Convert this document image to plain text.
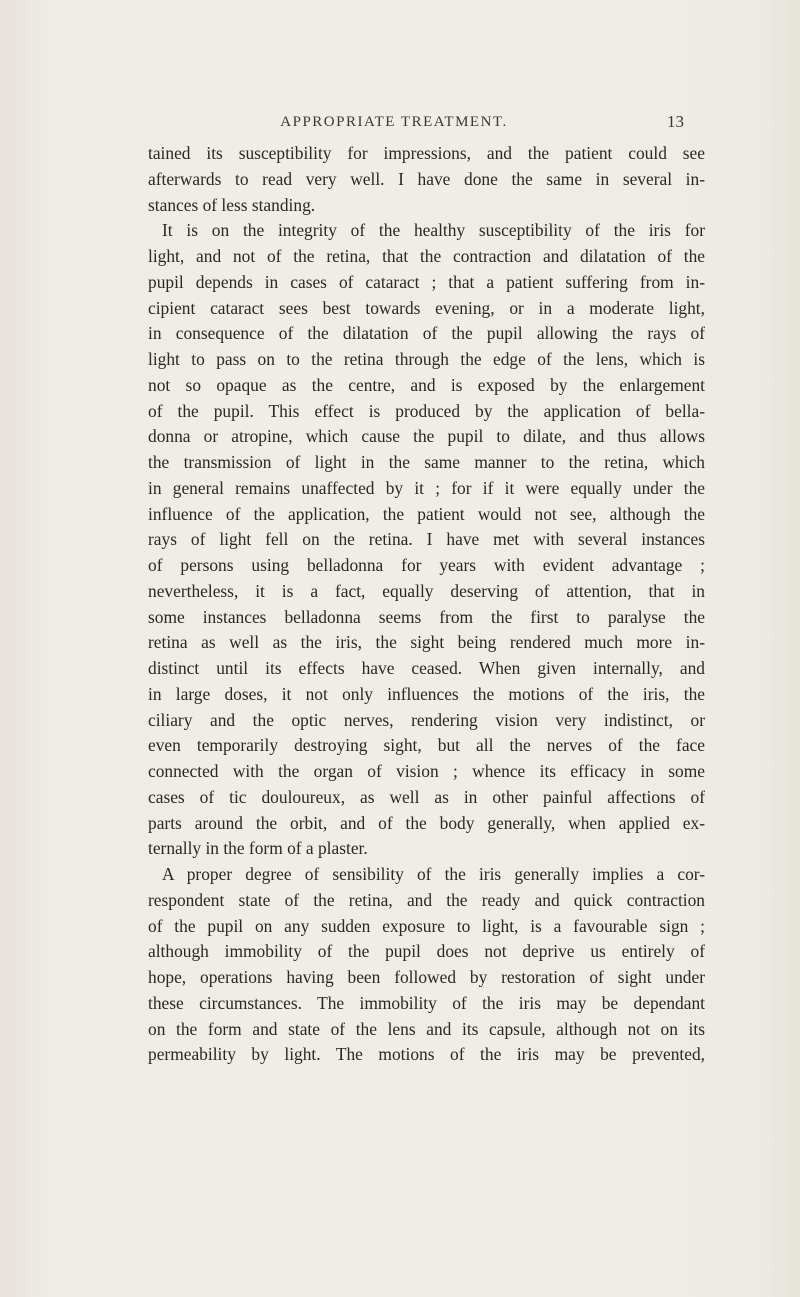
APPROPRIATE TREATMENT.	13
tained its susceptibility for impressions, and the patient could see
afterwards to read very well. I have done the same in several in-
stances of less standing.
It is on the integrity of the healthy susceptibility of the iris for
light, and not of the retina, that the contraction and dilatation of the
pupil depends in cases of cataract ; that a patient suffering from in-
cipient cataract sees best towards evening, or in a moderate light,
in consequence of the dilatation of the pupil allowing the rays of
light to pass on to the retina through the edge of the lens, which is
not so opaque as the centre, and is exposed by the enlargement
of the pupil. This effect is produced by the application of bella-
donna or atropine, which cause the pupil to dilate, and thus allows
the transmission of light in the same manner to the retina, which
in general remains unaffected by it ; for if it were equally under the
influence of the application, the patient would not see, although the
rays of light fell on the retina. I have met with several instances
of persons using belladonna for years with evident advantage ;
nevertheless, it is a fact, equally deserving of attention, that in
some instances belladonna seems from the first to paralyse the
retina as well as the iris, the sight being rendered much more in-
distinct until its effects have ceased. When given internally, and
in large doses, it not only influences the motions of the iris, the
ciliary and the optic nerves, rendering vision very indistinct, or
even temporarily destroying sight, but all the nerves of the face
connected with the organ of vision ; whence its efficacy in some
cases of tic douloureux, as well as in other painful affections of
parts around the orbit, and of the body generally, when applied ex-
ternally in the form of a plaster.
A proper degree of sensibility of the iris generally implies a cor-
respondent state of the retina, and the ready and quick contraction
of the pupil on any sudden exposure to light, is a favourable sign ;
although immobility of the pupil does not deprive us entirely of
hope, operations having been followed by restoration of sight under
these circumstances. The immobility of the iris may be dependant
on the form and state of the lens and its capsule, although not on its
permeability by light. The motions of the iris may be prevented,
